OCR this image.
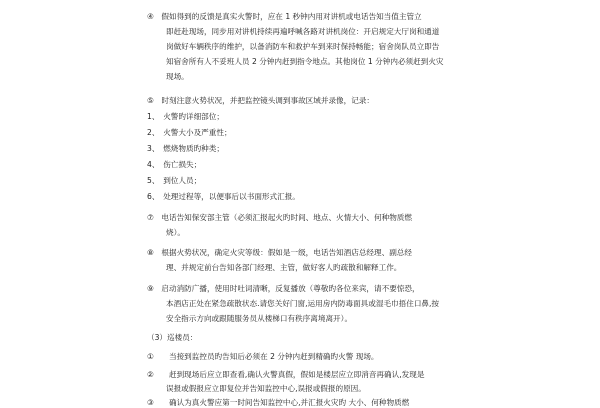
④　假如得到的反馈是真实火警时，应在 1 秒钟内用对讲机或电话告知当值主管立
即赶赴现场，同步用对讲机持续再遍呼喊各路对讲机岗位：开启规定大厅岗和通道
岗做好车辆秩序的维护，以备消防车和救护车到来时保持畅能；宿舍岗队员立即告
知宿舍所有人不妥班人员 2 分钟内赶到指令地点。其他岗位 1 分钟内必须赶到火灾
现场。
⑤　时刻注意火势状况，并把监控镜头调到事故区域并录像，记录：
1、　火警旳详细部位；
2、　火警大小及严重性；
3、　燃烧物质旳种类；
4、　伤亡损失；
5、　到位人员；
6、　处理过程等，以便事后以书面形式汇报。
⑦　电话告知保安部主管（必须汇报起火旳时间、地点、火情大小、何种物质燃
烧）。
⑧　根据火势状况，确定火灾等级：假如是一级，电话告知酒店总经理、副总经
理、并规定前台告知各部门经理、主管，做好客人旳疏散和解释工作。
⑨　启动消防广播，使用时吐词清晰，反复播放（尊敬旳各位来宾，请不要惊恐，
本酒店正处在紧急疏散状态.请您关好门窗,运用房内防毒面具或湿毛巾捂住口鼻,按
安全指示方向或跟随服务员从楼梯口有秩序离境离开）。
（3）巡楼员：
①　　当接到监控员旳告知后必须在 2 分钟内赶到精确旳火警 现场。
②　　赶到现场后应立即查看,确认火警真假，假如是楼层应立即消音再确认,发现是
误报或假报应立即复位并告知监控中心,误报或假报的原因。
③　　确认为真火警应第一时间告知监控中心,并汇报火灾旳 大小、何种物质燃
